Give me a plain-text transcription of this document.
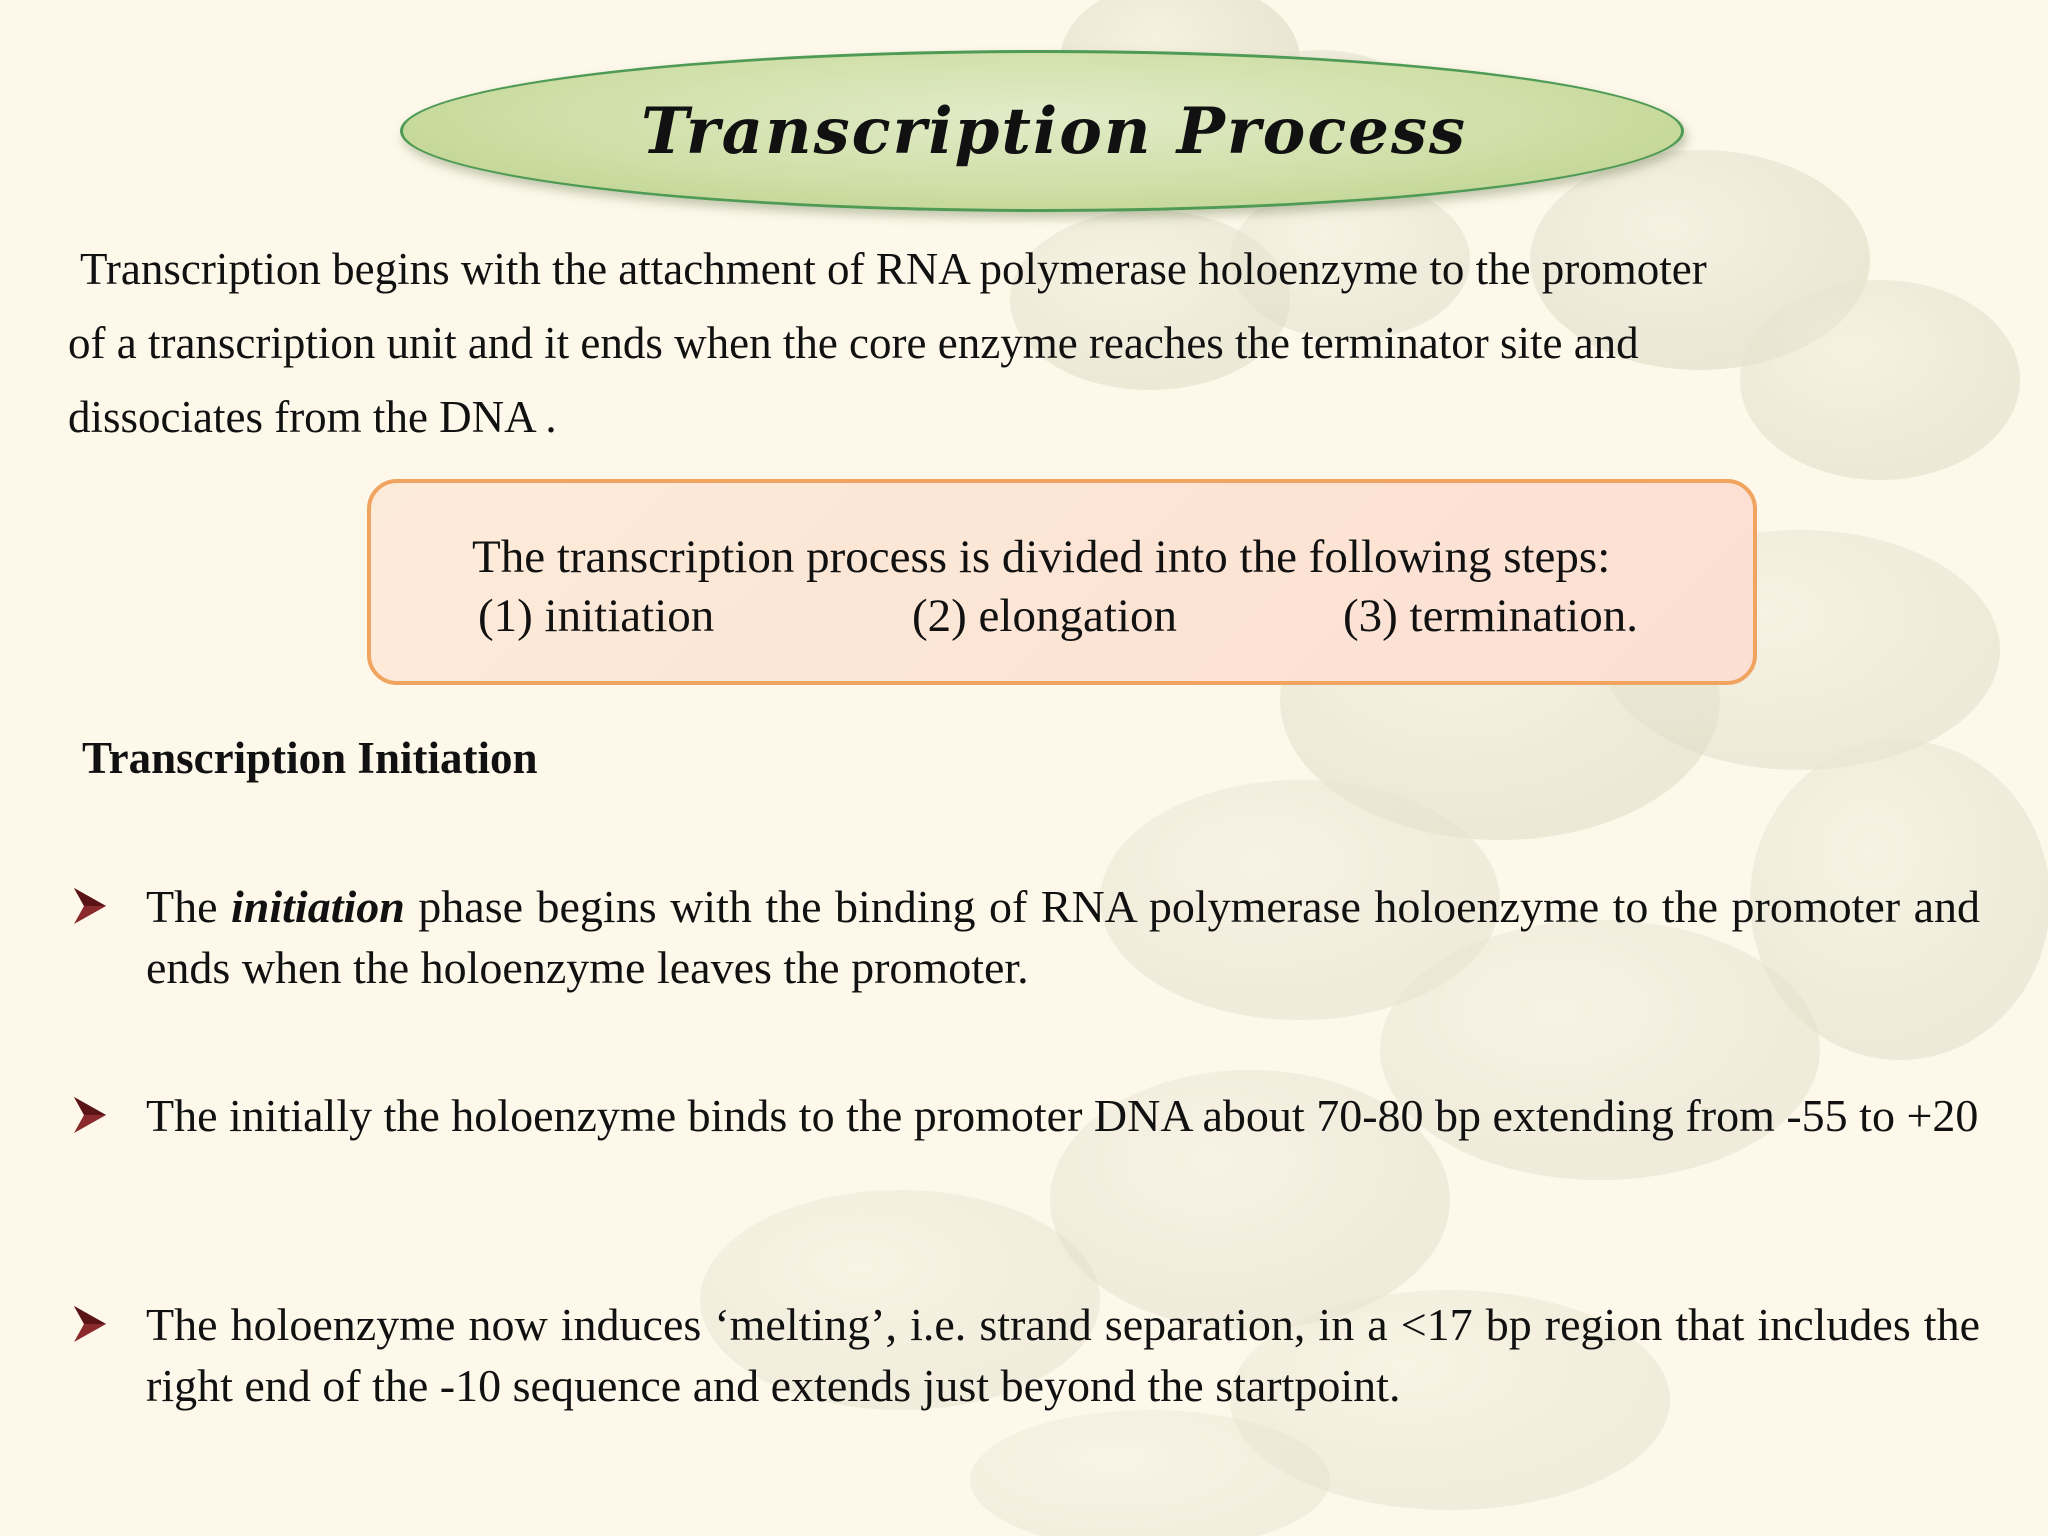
Transcription Process
Transcription begins with the attachment of RNA polymerase holoenzyme to the promoter
of a transcription unit and it ends when the core enzyme reaches the terminator site and
dissociates from the DNA .
The transcription process is divided into the following steps:
(1) initiation	(2) elongation	(3) termination.
Transcription Initiation
The initiation phase begins with the binding of RNA polymerase holoenzyme to the promoter and ends when the holoenzyme leaves the promoter.
The initially the holoenzyme binds to the promoter DNA about 70-80 bp extending from -55 to +20
The holoenzyme now induces ‘melting’, i.e. strand separation, in a <17 bp region that includes the right end of the -10 sequence and extends just beyond the startpoint.
